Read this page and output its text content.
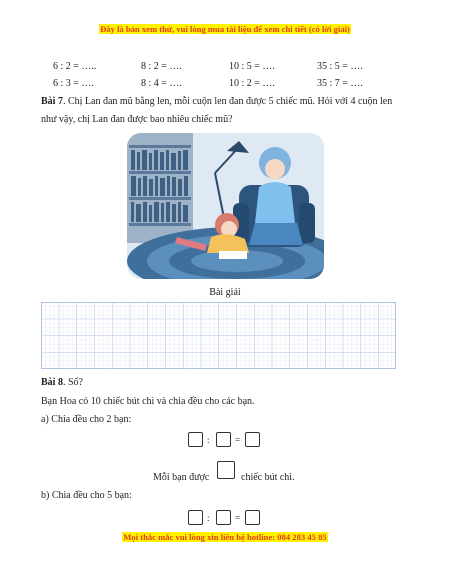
Đây là bản xem thử, vui lòng mua tài liệu để xem chi tiết (có lời giải)
6 : 2 = …..	8 : 2 = ….	10 : 5 = ….	35 : 5 = ….
6 : 3 = ….	8 : 4 = ….	10 : 2 = ….	35 : 7 = ….
Bài 7. Chị Lan đan mũ bằng len, mỗi cuộn len đan được 5 chiếc mũ. Hỏi với 4 cuộn len
như vậy, chị Lan đan được bao nhiêu chiếc mũ?
Bài giải
Bài 8. Số?
Bạn Hoa có 10 chiếc bút chì và chia đều cho các bạn.
a) Chia đều cho 2 bạn:
:	=
Mỗi bạn được	chiếc bút chì.
b) Chia đều cho 5 bạn:
:	=
Mọi thắc mắc vui lòng xin liên hệ hotline: 084 283 45 85
